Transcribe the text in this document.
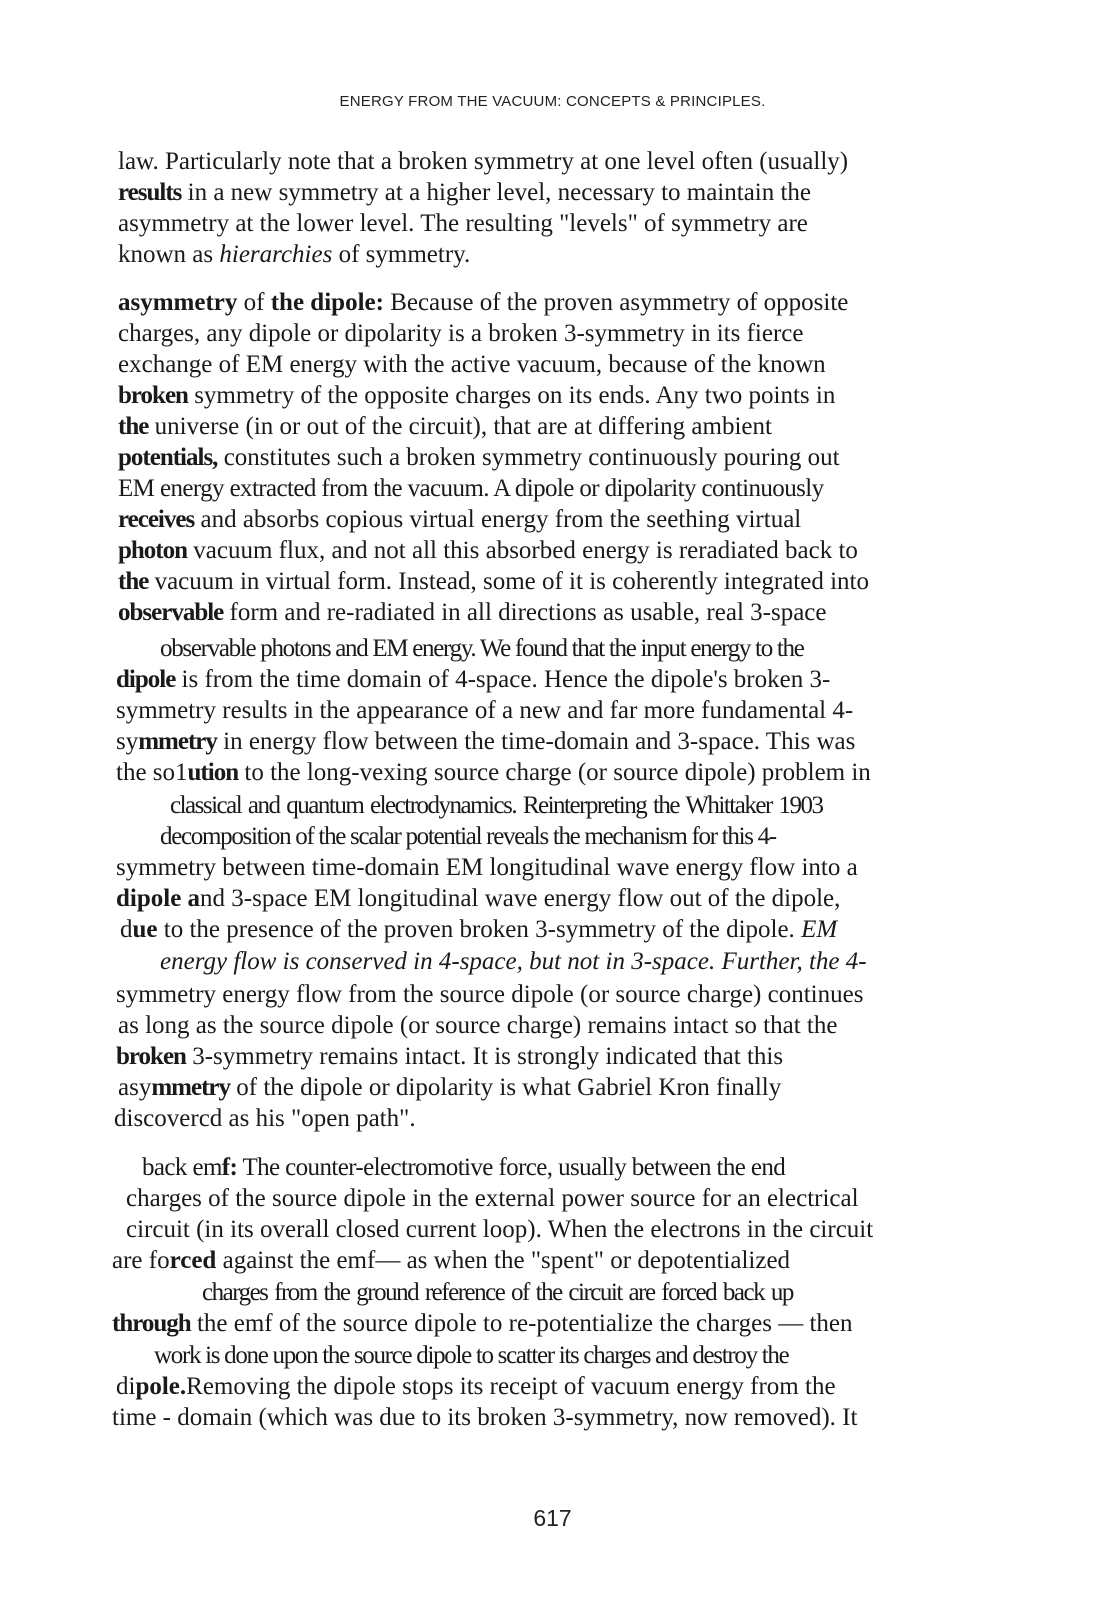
ENERGY FROM THE VACUUM: CONCEPTS & PRINCIPLES.
law. Particularly note that a broken symmetry at one level often (usually)
results in a new symmetry at a higher level, necessary to maintain the
asymmetry at the lower level. The resulting "levels" of symmetry are
known as hierarchies of symmetry.
asymmetry of the dipole: Because of the proven asymmetry of opposite
charges, any dipole or dipolarity is a broken 3-symmetry in its fierce
exchange of EM energy with the active vacuum, because of the known
broken symmetry of the opposite charges on its ends. Any two points in
the universe (in or out of the circuit), that are at differing ambient
potentials, constitutes such a broken symmetry continuously pouring out
EM energy extracted from the vacuum. A dipole or dipolarity continuously
receives and absorbs copious virtual energy from the seething virtual
photon vacuum flux, and not all this absorbed energy is reradiated back to
the vacuum in virtual form. Instead, some of it is coherently integrated into
observable form and re-radiated in all directions as usable, real 3-space
observable photons and EM energy. We found that the input energy to the
dipole is from the time domain of 4-space. Hence the dipole's broken 3-
symmetry results in the appearance of a new and far more fundamental 4-
symmetry in energy flow between the time-domain and 3-space. This was
the so1ution to the long-vexing source charge (or source dipole) problem in
classical and quantum electrodynamics. Reinterpreting the Whittaker 1903
decomposition of the scalar potential reveals the mechanism for this 4-
symmetry between time-domain EM longitudinal wave energy flow into a
dipole and 3-space EM longitudinal wave energy flow out of the dipole,
due to the presence of the proven broken 3-symmetry of the dipole. EM
energy flow is conserved in 4-space, but not in 3-space. Further, the 4-
symmetry energy flow from the source dipole (or source charge) continues
as long as the source dipole (or source charge) remains intact so that the
broken 3-symmetry remains intact. It is strongly indicated that this
asymmetry of the dipole or dipolarity is what Gabriel Kron finally
discovercd as his "open path".
back emf: The counter-electromotive force, usually between the end
charges of the source dipole in the external power source for an electrical
circuit (in its overall closed current loop). When the electrons in the circuit
are forced against the emf— as when the "spent" or depotentialized
charges from the ground reference of the circuit are forced back up
through the emf of the source dipole to re-potentialize the charges — then
work is done upon the source dipole to scatter its charges and destroy the
dipole.Removing the dipole stops its receipt of vacuum energy from the
time - domain (which was due to its broken 3-symmetry, now removed). It
617
